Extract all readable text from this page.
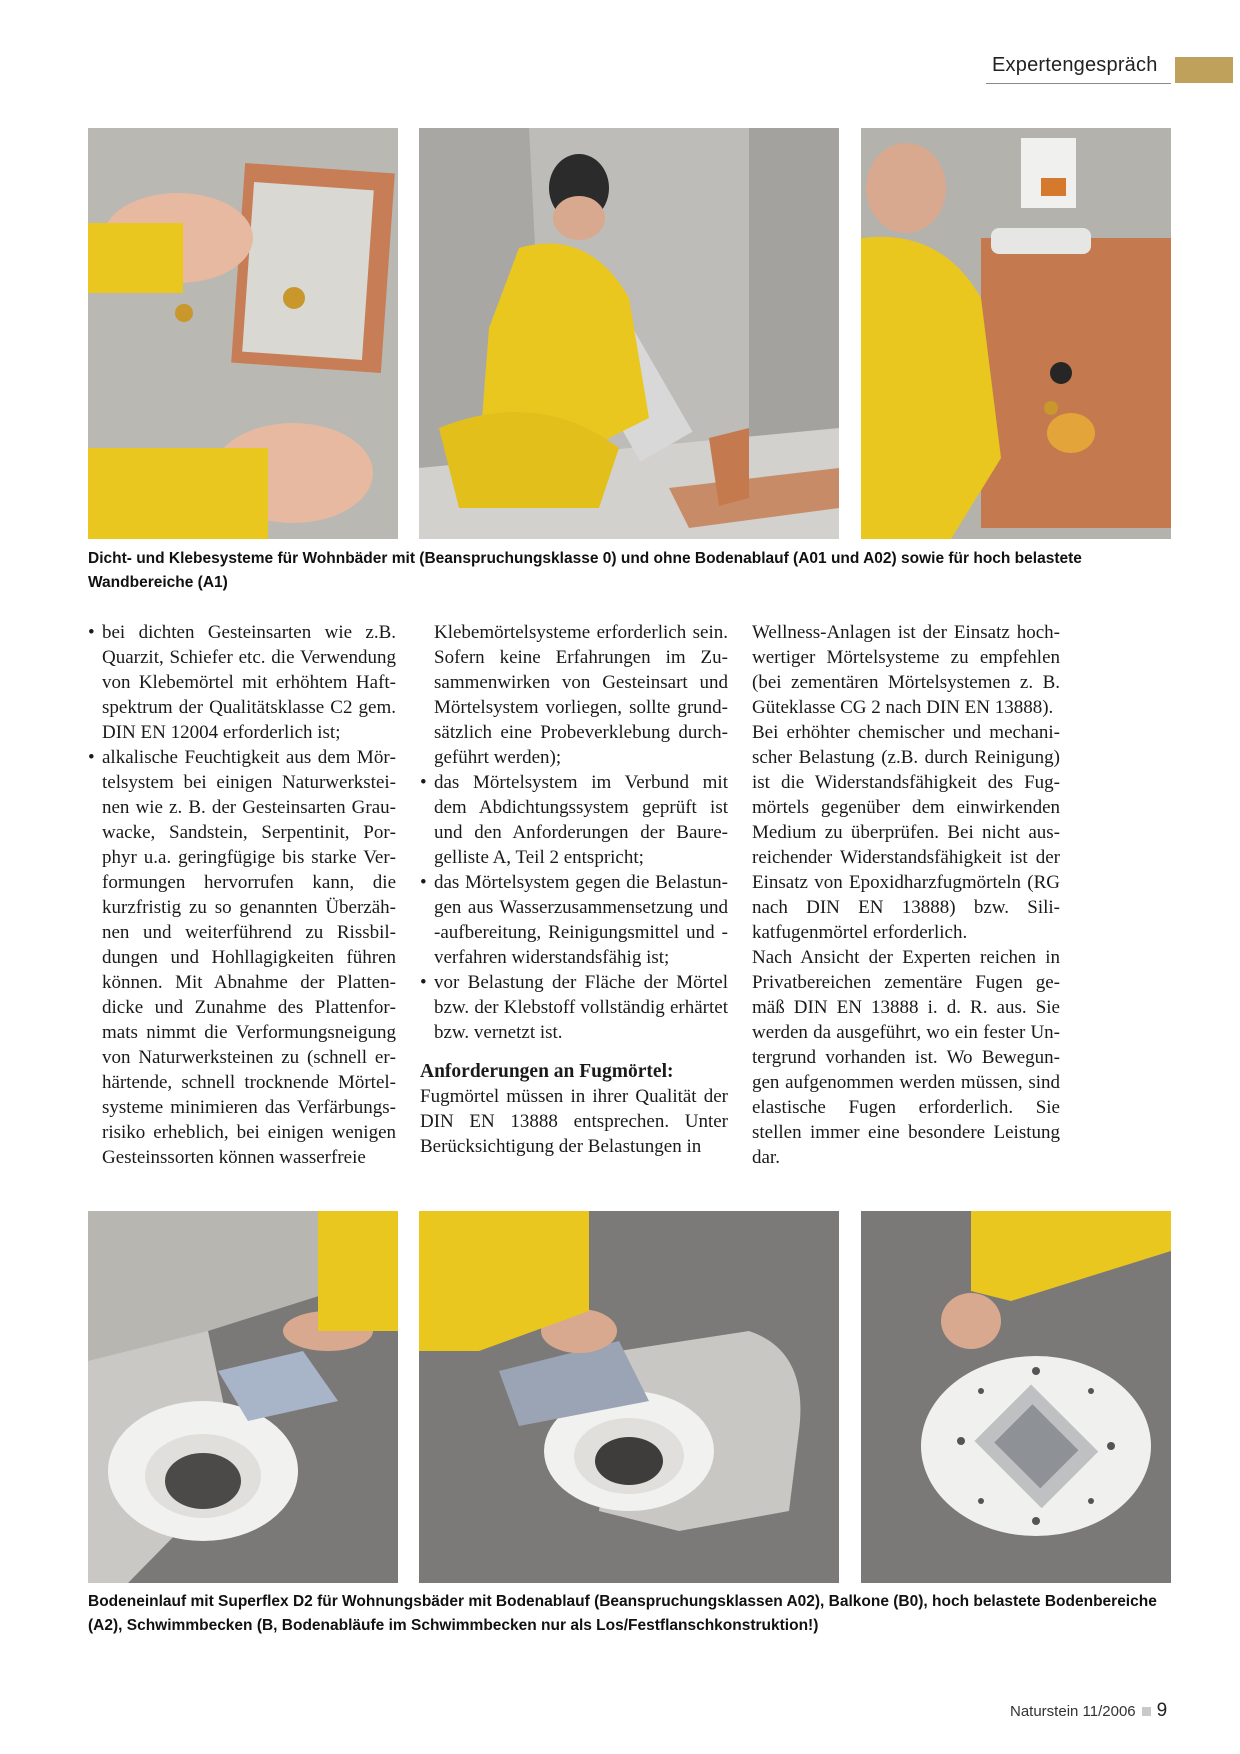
Expertengespräch
Dicht- und Klebesysteme für Wohnbäder mit (Beanspruchungsklasse 0) und ohne Bodenablauf (A01 und A02) sowie für hoch belastete Wandbereiche (A1)
• bei dichten Gesteinsarten wie z.B. Quarzit, Schiefer etc. die Verwendung von Klebemörtel mit erhöhtem Haftspektrum der Qualitätsklasse C2 gem. DIN EN 12004 erforderlich ist;
• alkalische Feuchtigkeit aus dem Mörtelsystem bei einigen Naturwerksteinen wie z. B. der Gesteinsarten Grauwacke, Sandstein, Serpentinit, Porphyr u.a. geringfügige bis starke Verformungen hervorrufen kann, die kurzfristig zu so genannten Überzähnen und weiterführend zu Rissbildungen und Hohllagigkeiten führen können. Mit Abnahme der Plattendicke und Zunahme des Plattenformats nimmt die Verformungsneigung von Naturwerksteinen zu (schnell erhärtende, schnell trocknende Mörtelsysteme minimieren das Verfärbungsrisiko erheblich, bei einigen wenigen Gesteinssorten können wasserfreie

Klebemörtelsysteme erforderlich sein. Sofern keine Erfahrungen im Zusammenwirken von Gesteinsart und Mörtelsystem vorliegen, sollte grundsätzlich eine Probeverklebung durchgeführt werden);

• das Mörtelsystem im Verbund mit dem Abdichtungssystem geprüft ist und den Anforderungen der Bauregelliste A, Teil 2 entspricht;
• das Mörtelsystem gegen die Belastungen aus Wasserzusammensetzung und -aufbereitung, Reinigungsmittel und -verfahren widerstandsfähig ist;
• vor Belastung der Fläche der Mörtel bzw. der Klebstoff vollständig erhärtet bzw. vernetzt ist.
Anforderungen an Fugmörtel:

Fugmörtel müssen in ihrer Qualität der DIN EN 13888 entsprechen. Unter Berücksichtigung der Belastungen in

Wellness-Anlagen ist der Einsatz hochwertiger Mörtelsysteme zu empfehlen (bei zementären Mörtelsystemen z. B. Güteklasse CG 2 nach DIN EN 13888).

Bei erhöhter chemischer und mechanischer Belastung (z.B. durch Reinigung) ist die Widerstandsfähigkeit des Fugmörtels gegenüber dem einwirkenden Medium zu überprüfen. Bei nicht ausreichender Widerstandsfähigkeit ist der Einsatz von Epoxidharzfugmörteln (RG nach DIN EN 13888) bzw. Silikatfugenmörtel erforderlich.

Nach Ansicht der Experten reichen in Privatbereichen zementäre Fugen gemäß DIN EN 13888 i. d. R. aus. Sie werden da ausgeführt, wo ein fester Untergrund vorhanden ist. Wo Bewegungen aufgenommen werden müssen, sind elastische Fugen erforderlich. Sie stellen immer eine besondere Leistung dar.

Bodeneinlauf mit Superflex D2 für Wohnungsbäder mit Bodenablauf (Beanspruchungsklassen A02), Balkone (B0), hoch belastete Bodenbereiche (A2), Schwimmbecken (B, Bodenabläufe im Schwimmbecken nur als Los/Festflanschkonstruktion!)
Naturstein 11/2006 9
